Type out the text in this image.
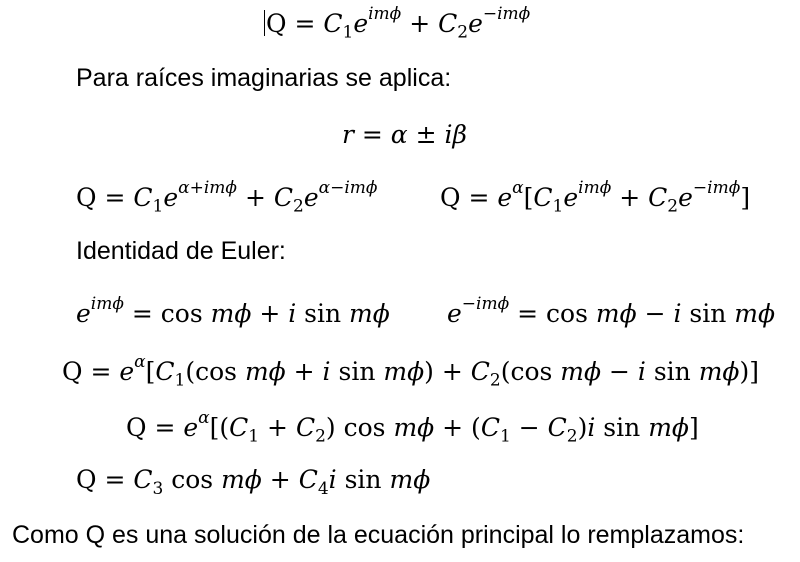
$Q = C_1e^{im\phi} + C_2e^{-im\phi}$
Para raíces imaginarias se aplica:
r = α ± iβ
$Q = C_1e^{\alpha+im\phi} + C_2e^{\alpha-im\phi}$	$Q = e^\alpha[C_1e^{im\phi} + C_2e^{-im\phi}]$
Identidad de Euler:
$e^{im\phi} = \cos m\phi + i$ sin mϕ $e^{-im\phi} = \cos m\phi - i$ sin mϕ
$Q = e^\alpha[C_1(\cos$ mϕ + i $\sin m\phi) + C_2(\cos$ mϕ − i sin mϕ)]
$Q = e^\alpha[(C_1 + C_2)$ $\cos m\phi + (C_1 - C_2)i$ sin mϕ]
$Q = C_3$ $\cos m\phi + C_4i$ sin mϕ
Como Q es una solución de la ecuación principal lo remplazamos:
